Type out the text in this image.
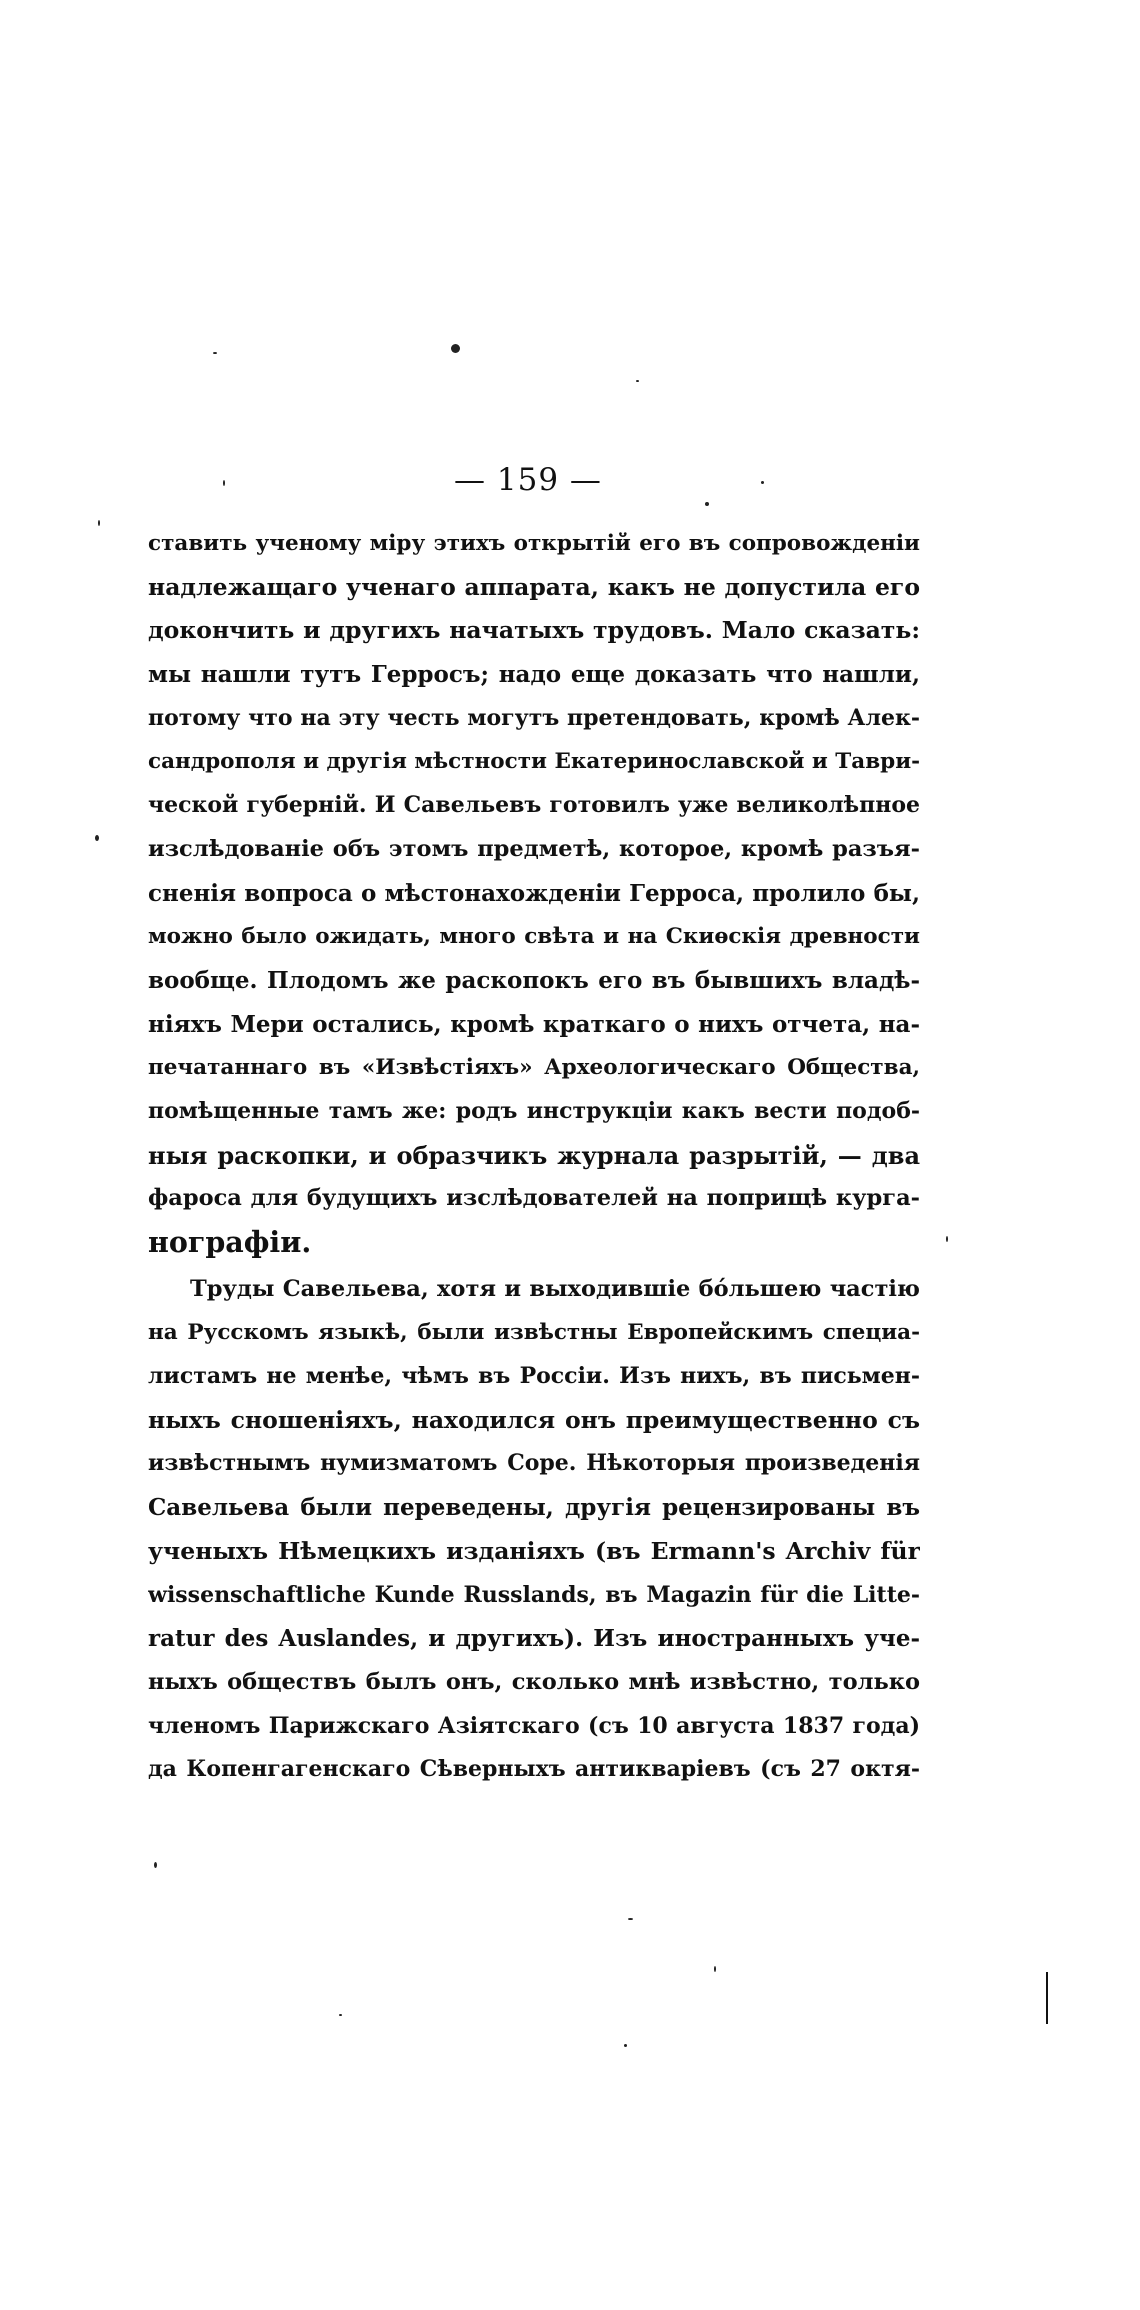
— 159 —
ставить ученому міру этихъ открытій его въ сопровожденіи
надлежащаго ученаго аппарата, какъ не допустила его
докончить и другихъ начатыхъ трудовъ. Мало сказать:
мы нашли тутъ Герросъ; надо еще доказать что нашли,
потому что на эту честь могутъ претендовать, кромѣ Алек-
сандрополя и другія мѣстности Екатеринославской и Таври-
ческой губерній. И Савельевъ готовилъ уже великолѣпное
изслѣдованіе объ этомъ предметѣ, которое, кромѣ разъя-
сненія вопроса о мѣстонахожденіи Герроса, пролило бы,
можно было ожидать, много свѣта и на Скиѳскія древности
вообще. Плодомъ же раскопокъ его въ бывшихъ владѣ-
ніяхъ Мери остались, кромѣ краткаго о нихъ отчета, на-
печатаннаго въ «Извѣстіяхъ» Археологическаго Общества,
помѣщенные тамъ же: родъ инструкціи какъ вести подоб-
ныя раскопки, и образчикъ журнала разрытій, — два
фароса для будущихъ изслѣдователей на поприщѣ курга-
нографіи.
Труды Савельева, хотя и выходившіе бо́льшею частію
на Русскомъ языкѣ, были извѣстны Европейскимъ специа-
листамъ не менѣе, чѣмъ въ Россіи. Изъ нихъ, въ письмен-
ныхъ сношеніяхъ, находился онъ преимущественно съ
извѣстнымъ нумизматомъ Соре. Нѣкоторыя произведенія
Савельева были переведены, другія рецензированы въ
ученыхъ Нѣмецкихъ изданіяхъ (въ Ermann's Archiv für
wissenschaftliche Kunde Russlands, въ Magazin für die Litte-
ratur des Auslandes, и другихъ). Изъ иностранныхъ уче-
ныхъ обществъ былъ онъ, сколько мнѣ извѣстно, только
членомъ Парижскаго Азіятскаго (съ 10 августа 1837 года)
да Копенгагенскаго Сѣверныхъ антикваріевъ (съ 27 октя-
